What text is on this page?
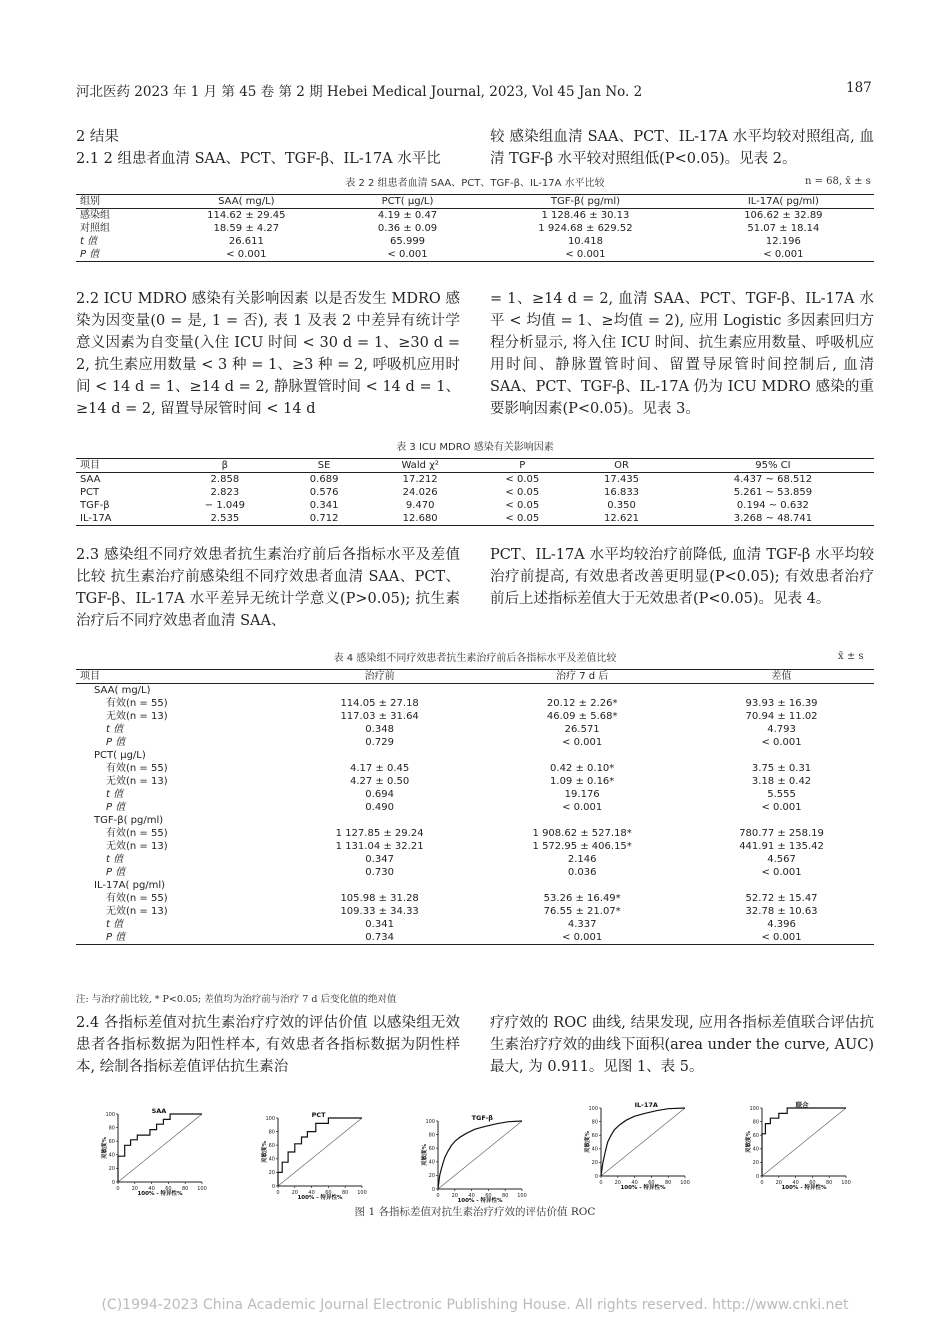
河北医药 2023 年 1 月 第 45 卷 第 2 期 Hebei Medical Journal, 2023, Vol 45 Jan No. 2	187

2 结果

2.1 2 组患者血清 SAA、PCT、TGF-β、IL-17A 水平比

较 感染组血清 SAA、PCT、IL-17A 水平均较对照组高, 血清 TGF-β 水平较对照组低(P<0.05)。见表 2。

表 2 2 组患者血清 SAA、PCT、TGF-β、IL-17A 水平比较	n = 68, x̄ ± s
组别	SAA( mg/L)	PCT( μg/L)	TGF-β( pg/ml)	IL-17A( pg/ml)
感染组	114.62 ± 29.45	4.19 ± 0.47	1 128.46 ± 30.13	106.62 ± 32.89
对照组	18.59 ± 4.27	0.36 ± 0.09	1 924.68 ± 629.52	51.07 ± 18.14
t 值	26.611	65.999	10.418	12.196
P 值	< 0.001	< 0.001	< 0.001	< 0.001

2.2 ICU MDRO 感染有关影响因素 以是否发生 MDRO 感染为因变量(0 = 是, 1 = 否), 表 1 及表 2 中差异有统计学意义因素为自变量(入住 ICU 时间 < 30 d = 1、≥30 d = 2, 抗生素应用数量 < 3 种 = 1、≥3 种 = 2, 呼吸机应用时间 < 14 d = 1、≥14 d = 2, 静脉置管时间 < 14 d = 1、≥14 d = 2, 留置导尿管时间 < 14 d

= 1、≥14 d = 2, 血清 SAA、PCT、TGF-β、IL-17A 水平 < 均值 = 1、≥均值 = 2), 应用 Logistic 多因素回归方程分析显示, 将入住 ICU 时间、抗生素应用数量、呼吸机应用时间、静脉置管时间、留置导尿管时间控制后, 血清 SAA、PCT、TGF-β、IL-17A 仍为 ICU MDRO 感染的重要影响因素(P<0.05)。见表 3。

表 3 ICU MDRO 感染有关影响因素
项目	β	SE	Wald χ²	P	OR	95% CI
SAA	2.858	0.689	17.212	< 0.05	17.435	4.437 ~ 68.512
PCT	2.823	0.576	24.026	< 0.05	16.833	5.261 ~ 53.859
TGF-β	− 1.049	0.341	9.470	< 0.05	0.350	0.194 ~ 0.632
IL-17A	2.535	0.712	12.680	< 0.05	12.621	3.268 ~ 48.741

2.3 感染组不同疗效患者抗生素治疗前后各指标水平及差值比较 抗生素治疗前感染组不同疗效患者血清 SAA、PCT、TGF-β、IL-17A 水平差异无统计学意义(P>0.05); 抗生素治疗后不同疗效患者血清 SAA、

PCT、IL-17A 水平均较治疗前降低, 血清 TGF-β 水平均较治疗前提高, 有效患者改善更明显(P<0.05); 有效患者治疗前后上述指标差值大于无效患者(P<0.05)。见表 4。

表 4 感染组不同疗效患者抗生素治疗前后各指标水平及差值比较	x̄ ± s
项目	治疗前	治疗 7 d 后	差值
SAA( mg/L)			
有效(n = 55)	114.05 ± 27.18	20.12 ± 2.26*	93.93 ± 16.39
无效(n = 13)	117.03 ± 31.64	46.09 ± 5.68*	70.94 ± 11.02
t 值	0.348	26.571	4.793
P 值	0.729	< 0.001	< 0.001
PCT( μg/L)			
有效(n = 55)	4.17 ± 0.45	0.42 ± 0.10*	3.75 ± 0.31
无效(n = 13)	4.27 ± 0.50	1.09 ± 0.16*	3.18 ± 0.42
t 值	0.694	19.176	5.555
P 值	0.490	< 0.001	< 0.001
TGF-β( pg/ml)			
有效(n = 55)	1 127.85 ± 29.24	1 908.62 ± 527.18*	780.77 ± 258.19
无效(n = 13)	1 131.04 ± 32.21	1 572.95 ± 406.15*	441.91 ± 135.42
t 值	0.347	2.146	4.567
P 值	0.730	0.036	< 0.001
IL-17A( pg/ml)			
有效(n = 55)	105.98 ± 31.28	53.26 ± 16.49*	52.72 ± 15.47
无效(n = 13)	109.33 ± 34.33	76.55 ± 21.07*	32.78 ± 10.63
t 值	0.341	4.337	4.396
P 值	0.734	< 0.001	< 0.001
注: 与治疗前比较, * P<0.05; 差值均为治疗前与治疗 7 d 后变化值的绝对值

2.4 各指标差值对抗生素治疗疗效的评估价值 以感染组无效患者各指标数据为阳性样本, 有效患者各指标数据为阴性样本, 绘制各指标差值评估抗生素治

疗疗效的 ROC 曲线, 结果发现, 应用各指标差值联合评估抗生素治疗疗效的曲线下面积(area under the curve, AUC) 最大, 为 0.911。见图 1、表 5。

0 20 40 60 80 100
0
20
40
60
80
100	SAA
100% - 特异性%
灵敏度%
0 20 40 60 80 100
0
20
40
60
80
100	PCT
100% - 特异性%
灵敏度%
0 20 40 60 80 100
0
20
40
60
80
100	TGF-β
100% - 特异性%
灵敏度%
0 20 40 60 80 100
0
20
40
60
80
100	IL-17A
100% - 特异性%
灵敏度%
0 20 40 60 80 100
0
20
40
60
80
100	联合
100% - 特异性%
灵敏度%
图 1 各指标差值对抗生素治疗疗效的评估价值 ROC
(C)1994-2023 China Academic Journal Electronic Publishing House. All rights reserved. http://www.cnki.net
